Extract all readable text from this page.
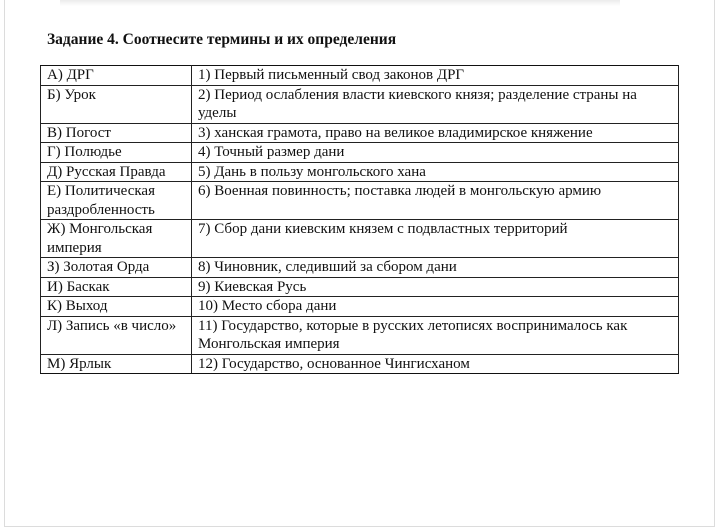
Задание 4. Соотнесите термины и их определения
А) ДРГ	1) Первый письменный свод законов ДРГ
Б) Урок	2) Период ослабления власти киевского князя; разделение страны на уделы
В) Погост	3) ханская грамота, право на великое владимирское княжение
Г) Полюдье	4) Точный размер дани
Д) Русская Правда	5) Дань в пользу монгольского хана
Е) Политическая раздробленность	6) Военная повинность; поставка людей в монгольскую армию
Ж) Монгольская империя	7) Сбор дани киевским князем с подвластных территорий
З) Золотая Орда	8) Чиновник, следивший за сбором дани
И) Баскак	9) Киевская Русь
К) Выход	10) Место сбора дани
Л) Запись «в число»	11) Государство, которые в русских летописях воспринималось как Монгольская империя
М) Ярлык	12) Государство, основанное Чингисханом
